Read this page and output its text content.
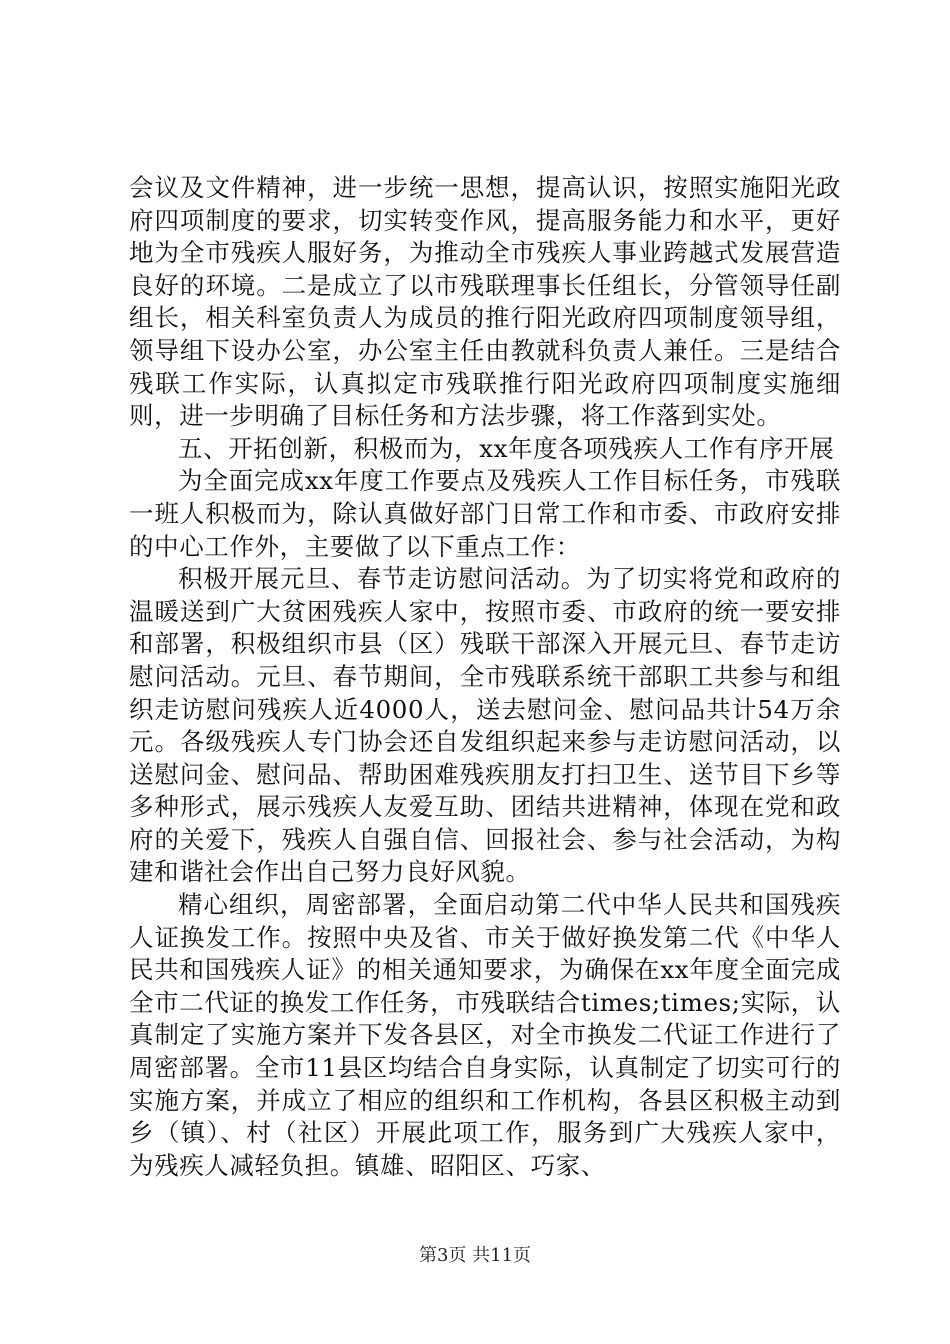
会议及文件精神，进一步统一思想，提高认识，按照实施阳光政府四项制度的要求，切实转变作风，提高服务能力和水平，更好地为全市残疾人服好务，为推动全市残疾人事业跨越式发展营造良好的环境。二是成立了以市残联理事长任组长，分管领导任副组长，相关科室负责人为成员的推行阳光政府四项制度领导组，领导组下设办公室，办公室主任由教就科负责人兼任。三是结合残联工作实际，认真拟定市残联推行阳光政府四项制度实施细则，进一步明确了目标任务和方法步骤，将工作落到实处。

五、开拓创新，积极而为，xx年度各项残疾人工作有序开展

为全面完成xx年度工作要点及残疾人工作目标任务，市残联一班人积极而为，除认真做好部门日常工作和市委、市政府安排的中心工作外，主要做了以下重点工作：

积极开展元旦、春节走访慰问活动。为了切实将党和政府的温暖送到广大贫困残疾人家中，按照市委、市政府的统一要安排和部署，积极组织市县（区）残联干部深入开展元旦、春节走访慰问活动。元旦、春节期间，全市残联系统干部职工共参与和组织走访慰问残疾人近4000人，送去慰问金、慰问品共计54万余元。各级残疾人专门协会还自发组织起来参与走访慰问活动，以送慰问金、慰问品、帮助困难残疾朋友打扫卫生、送节目下乡等多种形式，展示残疾人友爱互助、团结共进精神，体现在党和政府的关爱下，残疾人自强自信、回报社会、参与社会活动，为构建和谐社会作出自己努力良好风貌。

精心组织，周密部署，全面启动第二代中华人民共和国残疾人证换发工作。按照中央及省、市关于做好换发第二代《中华人民共和国残疾人证》的相关通知要求，为确保在xx年度全面完成全市二代证的换发工作任务，市残联结合times;times;实际，认真制定了实施方案并下发各县区，对全市换发二代证工作进行了周密部署。全市11县区均结合自身实际，认真制定了切实可行的实施方案，并成立了相应的组织和工作机构，各县区积极主动到乡（镇）、村（社区）开展此项工作，服务到广大残疾人家中，为残疾人减轻负担。镇雄、昭阳区、巧家、

第3页 共11页
